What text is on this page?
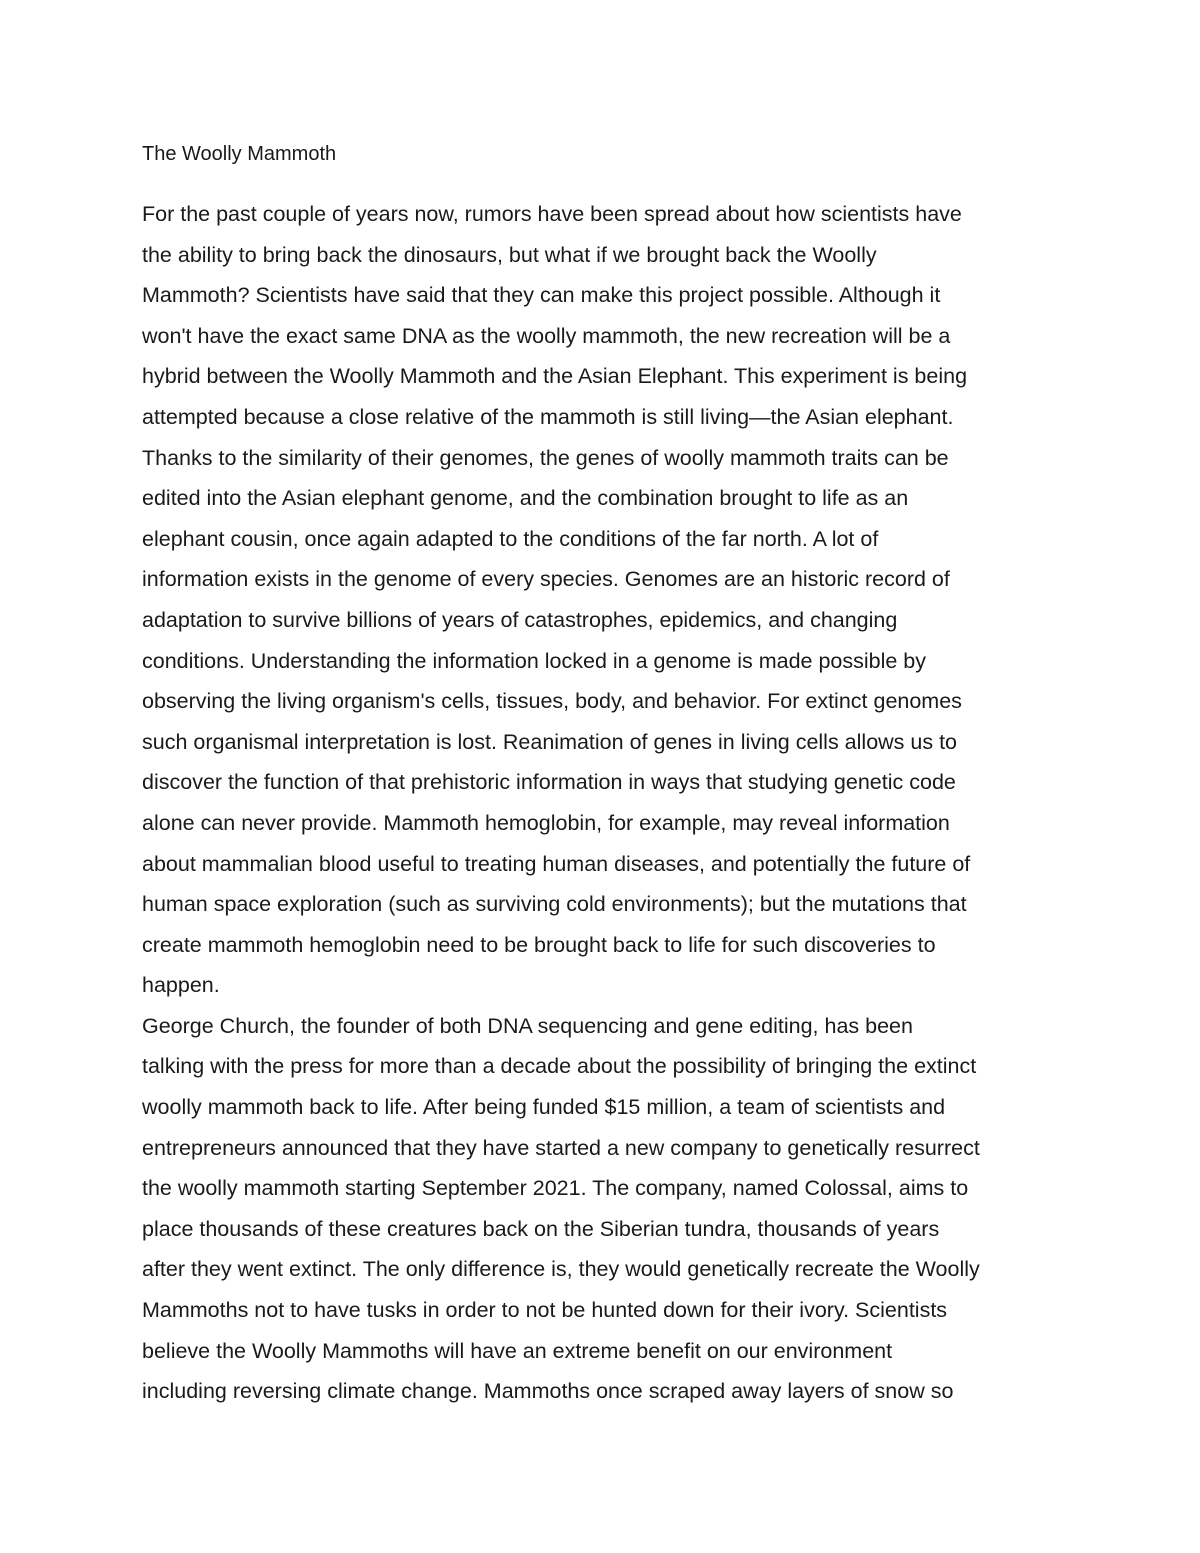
The Woolly Mammoth
For the past couple of years now, rumors have been spread about how scientists have
the ability to bring back the dinosaurs, but what if we brought back the Woolly
Mammoth? Scientists have said that they can make this project possible. Although it
won't have the exact same DNA as the woolly mammoth, the new recreation will be a
hybrid between the Woolly Mammoth and the Asian Elephant. This experiment is being
attempted because a close relative of the mammoth is still living—the Asian elephant.
Thanks to the similarity of their genomes, the genes of woolly mammoth traits can be
edited into the Asian elephant genome, and the combination brought to life as an
elephant cousin, once again adapted to the conditions of the far north. A lot of
information exists in the genome of every species. Genomes are an historic record of
adaptation to survive billions of years of catastrophes, epidemics, and changing
conditions. Understanding the information locked in a genome is made possible by
observing the living organism's cells, tissues, body, and behavior. For extinct genomes
such organismal interpretation is lost. Reanimation of genes in living cells allows us to
discover the function of that prehistoric information in ways that studying genetic code
alone can never provide. Mammoth hemoglobin, for example, may reveal information
about mammalian blood useful to treating human diseases, and potentially the future of
human space exploration (such as surviving cold environments); but the mutations that
create mammoth hemoglobin need to be brought back to life for such discoveries to
happen.
George Church, the founder of both DNA sequencing and gene editing, has been
talking with the press for more than a decade about the possibility of bringing the extinct
woolly mammoth back to life. After being funded $15 million, a team of scientists and
entrepreneurs announced that they have started a new company to genetically resurrect
the woolly mammoth starting September 2021. The company, named Colossal, aims to
place thousands of these creatures back on the Siberian tundra, thousands of years
after they went extinct. The only difference is, they would genetically recreate the Woolly
Mammoths not to have tusks in order to not be hunted down for their ivory. Scientists
believe the Woolly Mammoths will have an extreme benefit on our environment
including reversing climate change. Mammoths once scraped away layers of snow so
